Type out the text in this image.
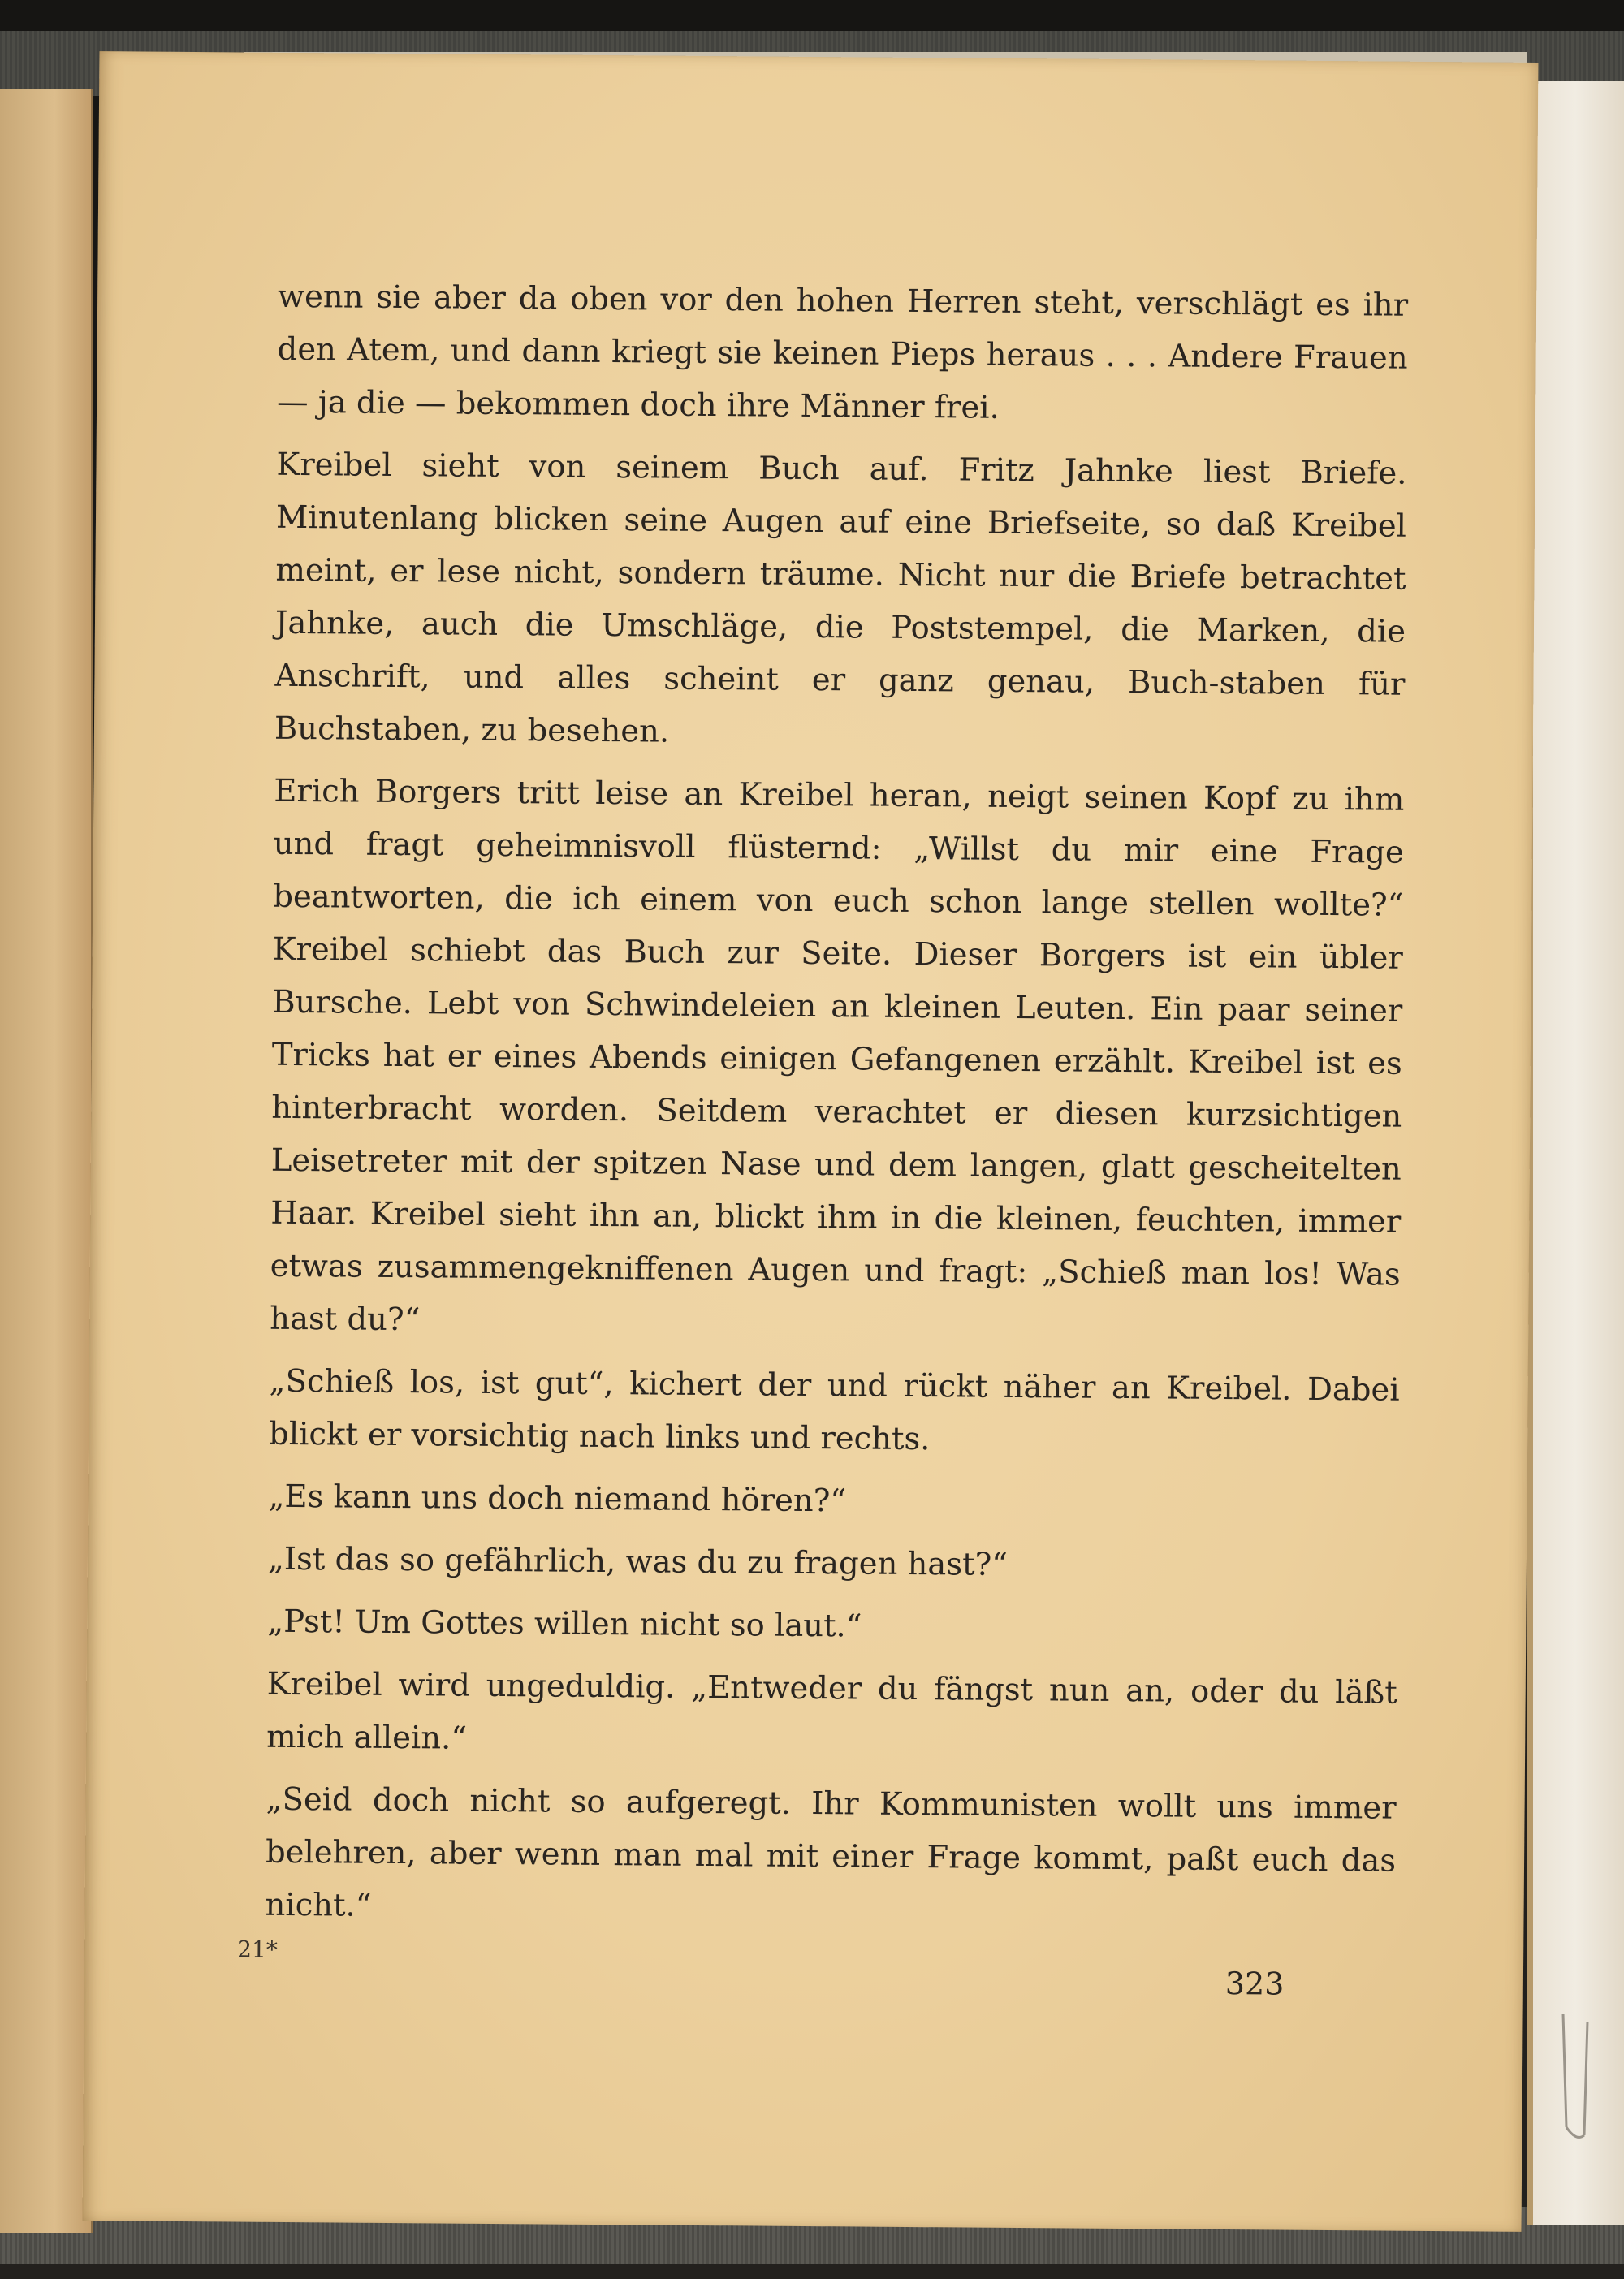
wenn sie aber da oben vor den hohen Herren steht, verschlägt es ihr den Atem, und dann kriegt sie keinen Pieps heraus . . . Andere Frauen — ja die — bekommen doch ihre Männer frei.

Kreibel sieht von seinem Buch auf. Fritz Jahnke liest Briefe. Minutenlang blicken seine Augen auf eine Briefseite, so daß Kreibel meint, er lese nicht, sondern träume. Nicht nur die Briefe betrachtet Jahnke, auch die Umschläge, die Poststempel, die Marken, die Anschrift, und alles scheint er ganz genau, Buch-staben für Buchstaben, zu besehen.

Erich Borgers tritt leise an Kreibel heran, neigt seinen Kopf zu ihm und fragt geheimnisvoll flüsternd: „Willst du mir eine Frage beantworten, die ich einem von euch schon lange stellen wollte?“ Kreibel schiebt das Buch zur Seite. Dieser Borgers ist ein übler Bursche. Lebt von Schwindeleien an kleinen Leuten. Ein paar seiner Tricks hat er eines Abends einigen Gefangenen erzählt. Kreibel ist es hinterbracht worden. Seitdem verachtet er diesen kurzsichtigen Leisetreter mit der spitzen Nase und dem langen, glatt gescheitelten Haar. Kreibel sieht ihn an, blickt ihm in die kleinen, feuchten, immer etwas zusammengekniffenen Augen und fragt: „Schieß man los! Was hast du?“

„Schieß los, ist gut“, kichert der und rückt näher an Kreibel. Dabei blickt er vorsichtig nach links und rechts.

„Es kann uns doch niemand hören?“

„Ist das so gefährlich, was du zu fragen hast?“

„Pst! Um Gottes willen nicht so laut.“

Kreibel wird ungeduldig. „Entweder du fängst nun an, oder du läßt mich allein.“

„Seid doch nicht so aufgeregt. Ihr Kommunisten wollt uns immer belehren, aber wenn man mal mit einer Frage kommt, paßt euch das nicht.“

21*
323
